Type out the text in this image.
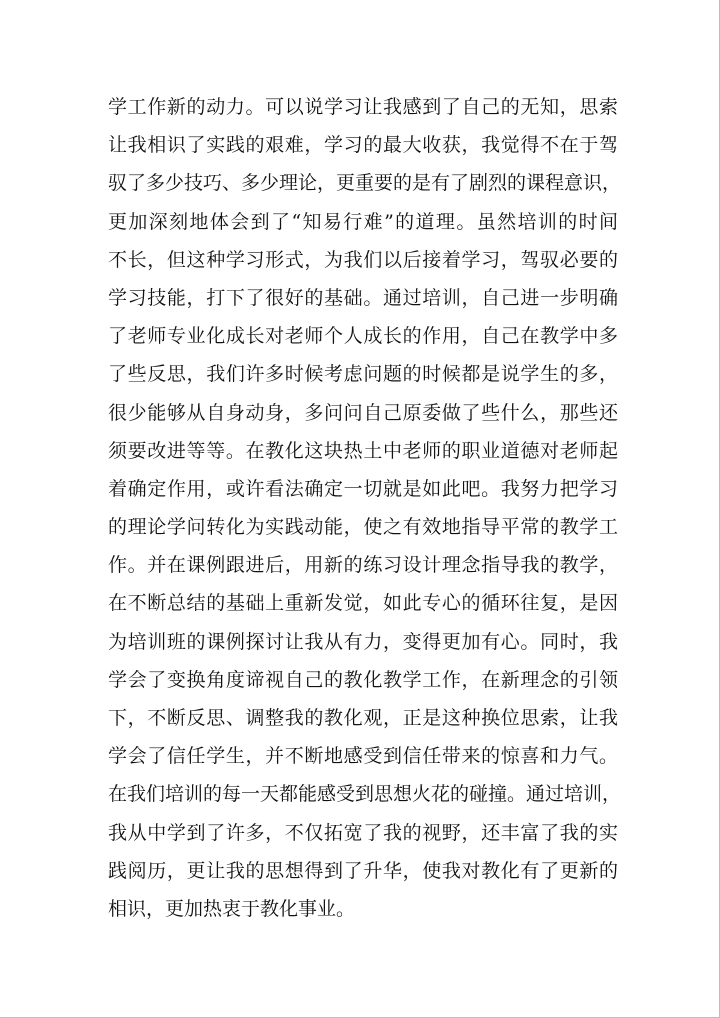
学工作新的动力。可以说学习让我感到了自己的无知，思索
让我相识了实践的艰难，学习的最大收获，我觉得不在于驾
驭了多少技巧、多少理论，更重要的是有了剧烈的课程意识，
更加深刻地体会到了“知易行难”的道理。虽然培训的时间
不长，但这种学习形式，为我们以后接着学习，驾驭必要的
学习技能，打下了很好的基础。通过培训，自己进一步明确
了老师专业化成长对老师个人成长的作用，自己在教学中多
了些反思，我们许多时候考虑问题的时候都是说学生的多，
很少能够从自身动身，多问问自己原委做了些什么，那些还
须要改进等等。在教化这块热土中老师的职业道德对老师起
着确定作用，或许看法确定一切就是如此吧。我努力把学习
的理论学问转化为实践动能，使之有效地指导平常的教学工
作。并在课例跟进后，用新的练习设计理念指导我的教学，
在不断总结的基础上重新发觉，如此专心的循环往复，是因
为培训班的课例探讨让我从有力，变得更加有心。同时，我
学会了变换角度谛视自己的教化教学工作，在新理念的引领
下，不断反思、调整我的教化观，正是这种换位思索，让我
学会了信任学生，并不断地感受到信任带来的惊喜和力气。
在我们培训的每一天都能感受到思想火花的碰撞。通过培训，
我从中学到了许多，不仅拓宽了我的视野，还丰富了我的实
践阅历，更让我的思想得到了升华，使我对教化有了更新的
相识，更加热衷于教化事业。
